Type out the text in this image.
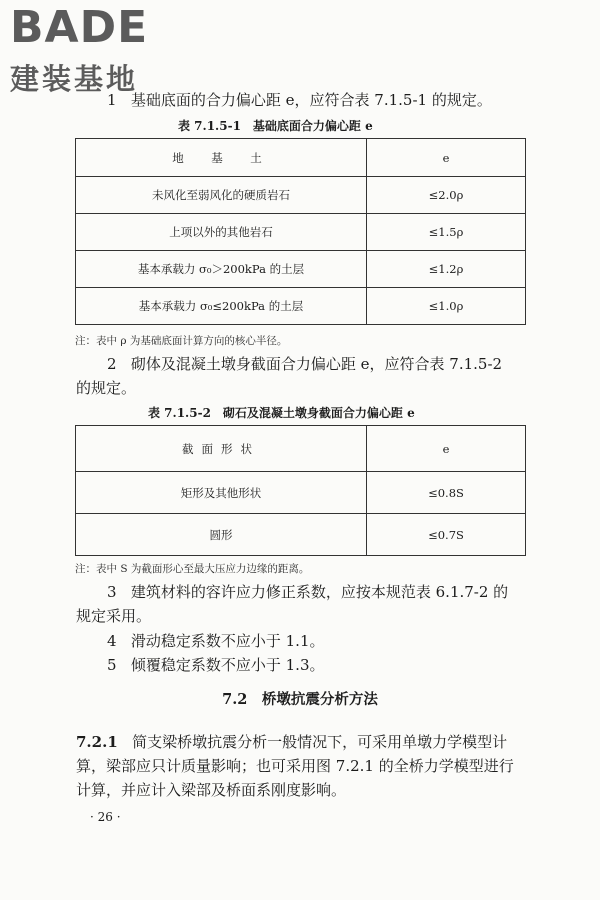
BADE
建装基地
1 基础底面的合力偏心距 e，应符合表 7.1.5-1 的规定。
表 7.1.5-1　基础底面合力偏心距 e
地　基　土	e
未风化至弱风化的硬质岩石	≤2.0ρ
上项以外的其他岩石	≤1.5ρ
基本承载力 σ₀＞200kPa 的土层	≤1.2ρ
基本承载力 σ₀≤200kPa 的土层	≤1.0ρ
注：表中 ρ 为基础底面计算方向的核心半径。
2 砌体及混凝土墩身截面合力偏心距 e，应符合表 7.1.5-2
的规定。
表 7.1.5-2　砌石及混凝土墩身截面合力偏心距 e
截面形状	e
矩形及其他形状	≤0.8S
圆形	≤0.7S
注：表中 S 为截面形心至最大压应力边缘的距离。
3 建筑材料的容许应力修正系数，应按本规范表 6.1.7-2 的
规定采用。
4 滑动稳定系数不应小于 1.1。
5 倾覆稳定系数不应小于 1.3。
7.2　桥墩抗震分析方法
7.2.1 简支梁桥墩抗震分析一般情况下，可采用单墩力学模型计
算，梁部应只计质量影响；也可采用图 7.2.1 的全桥力学模型进行
计算，并应计入梁部及桥面系刚度影响。
· 26 ·
